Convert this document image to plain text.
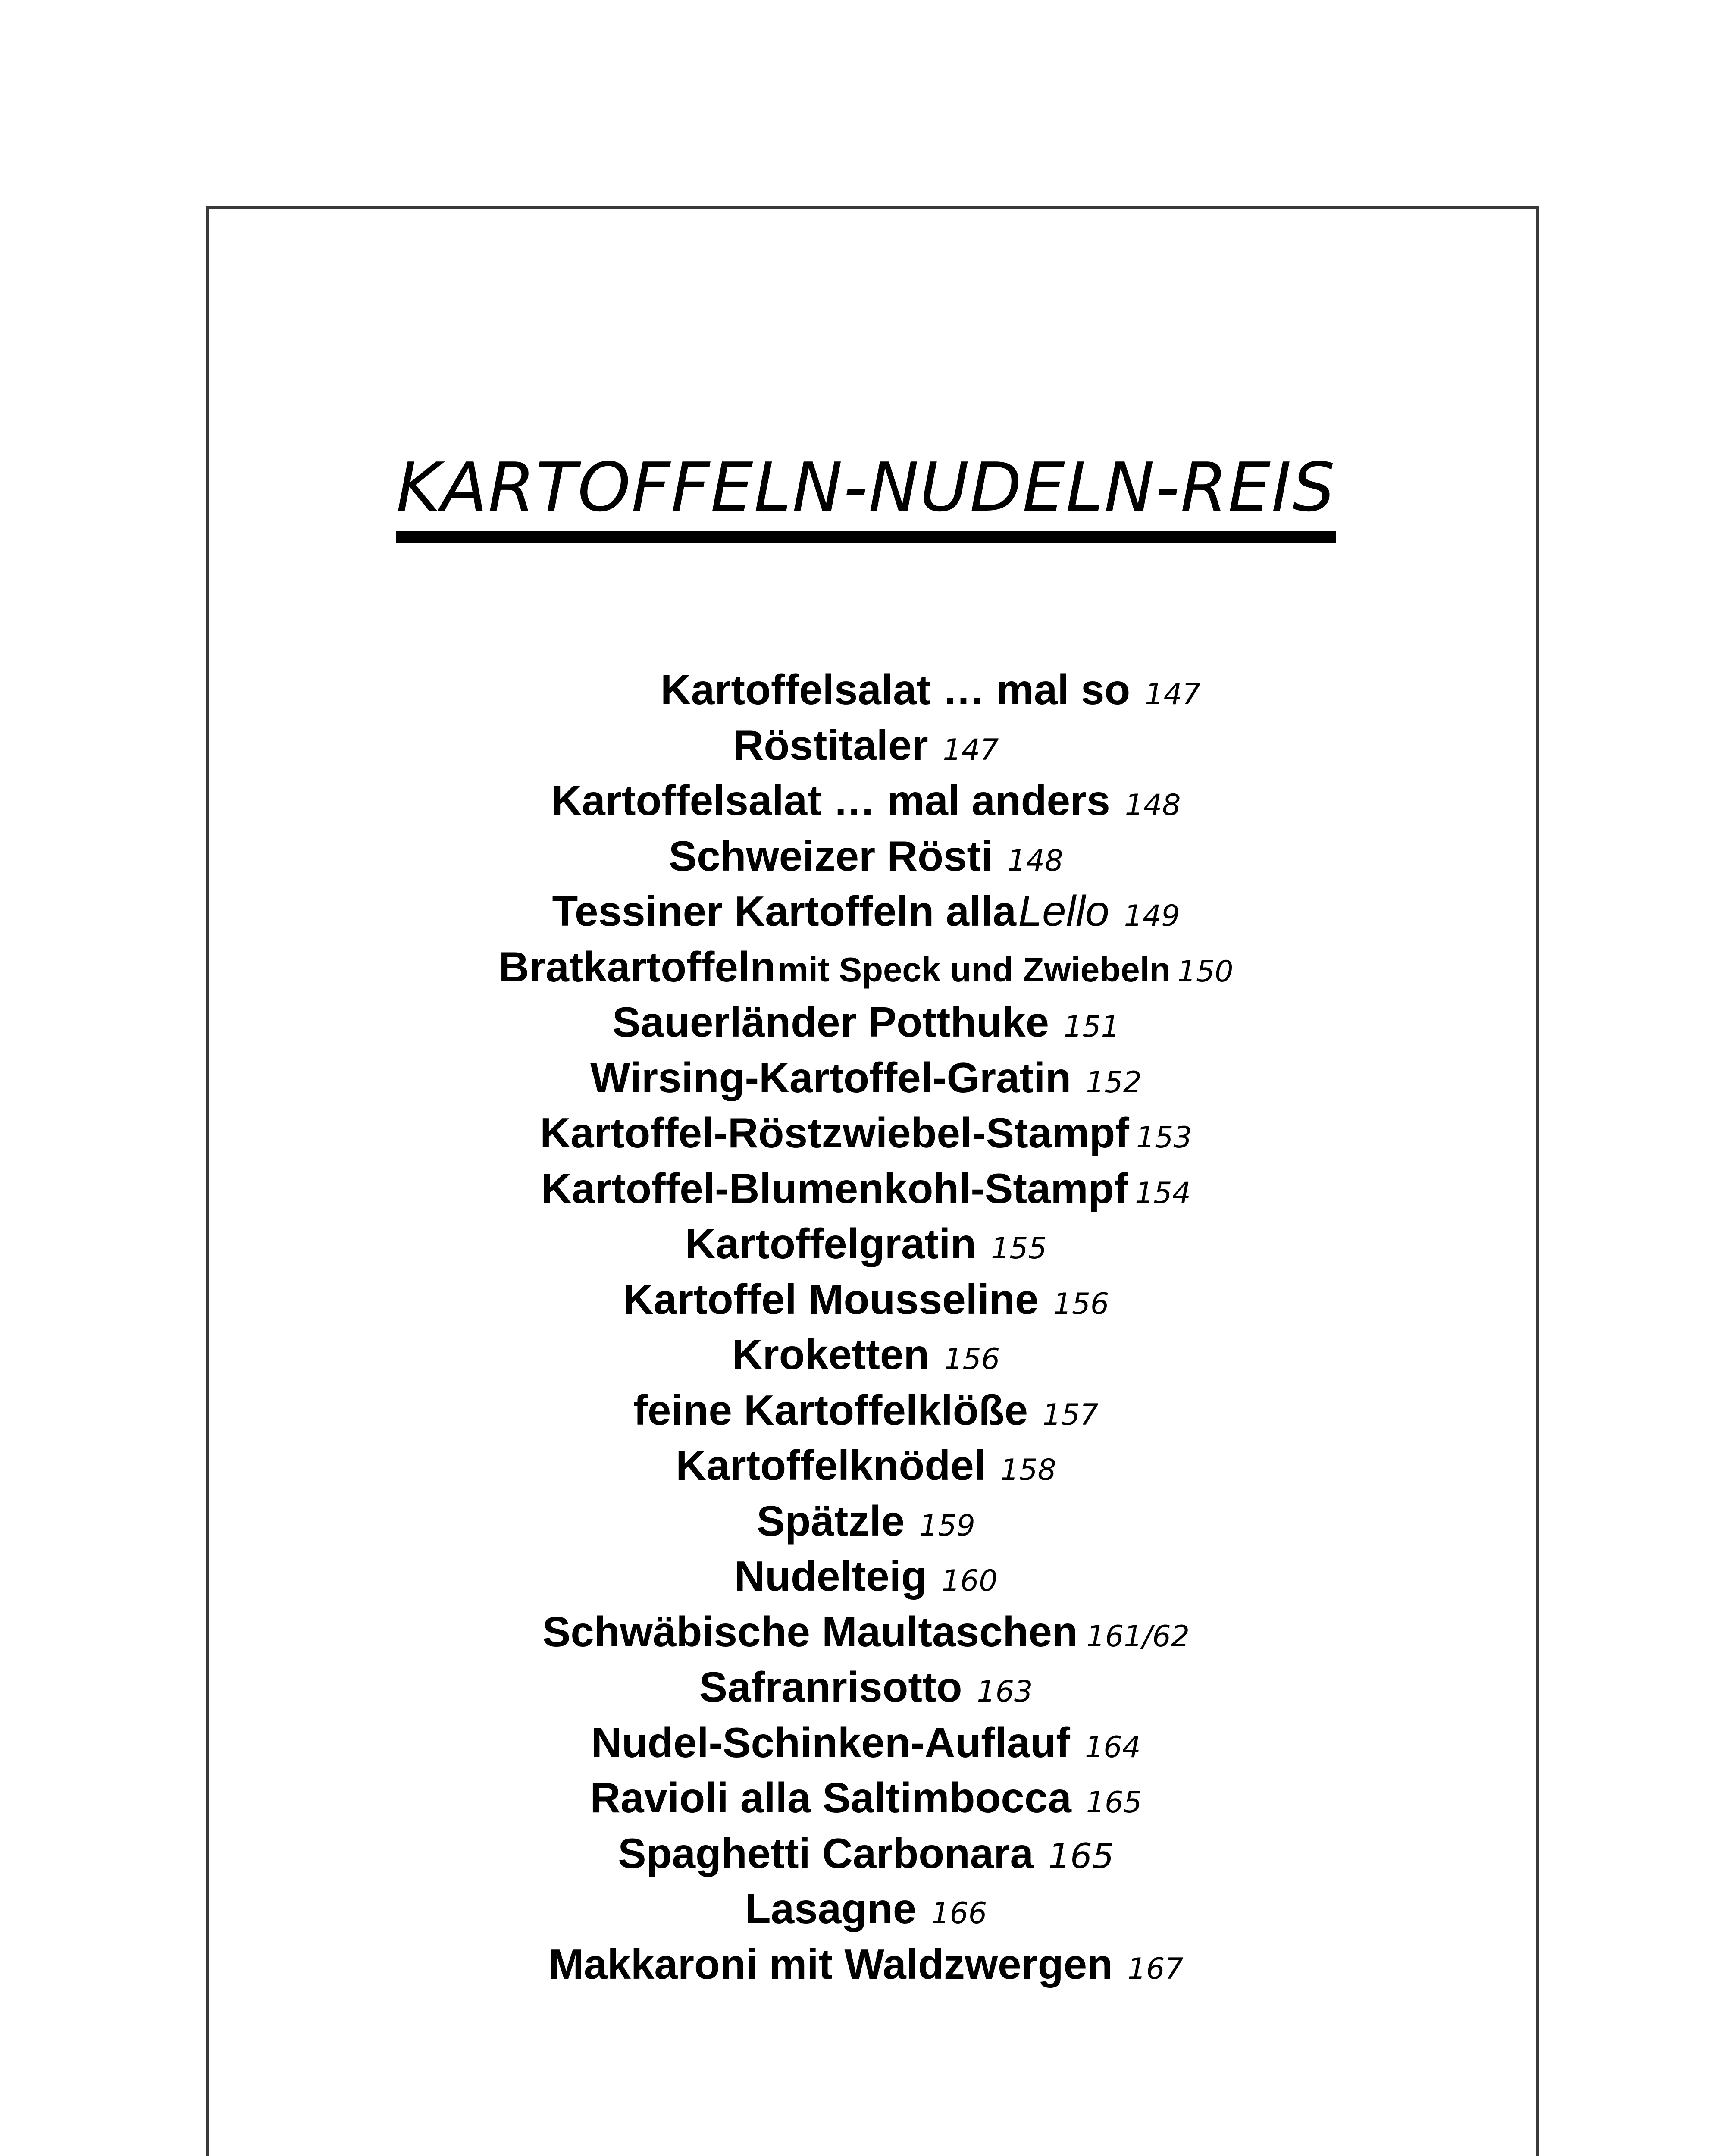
KARTOFFELN-NUDELN-REIS
Kartoffelsalat … mal so 147
Röstitaler 147
Kartoffelsalat … mal anders 148
Schweizer Rösti 148
Tessiner Kartoffeln alla Lello 149
Bratkartoffeln mit Speck und Zwiebeln 150
Sauerländer Potthuke 151
Wirsing-Kartoffel-Gratin 152
Kartoffel-Röstzwiebel-Stampf 153
Kartoffel-Blumenkohl-Stampf 154
Kartoffelgratin 155
Kartoffel Mousseline 156
Kroketten 156
feine Kartoffelklöße 157
Kartoffelknödel 158
Spätzle 159
Nudelteig 160
Schwäbische Maultaschen 161/62
Safranrisotto 163
Nudel-Schinken-Auflauf 164
Ravioli alla Saltimbocca 165
Spaghetti Carbonara 165
Lasagne 166
Makkaroni mit Waldzwergen 167
